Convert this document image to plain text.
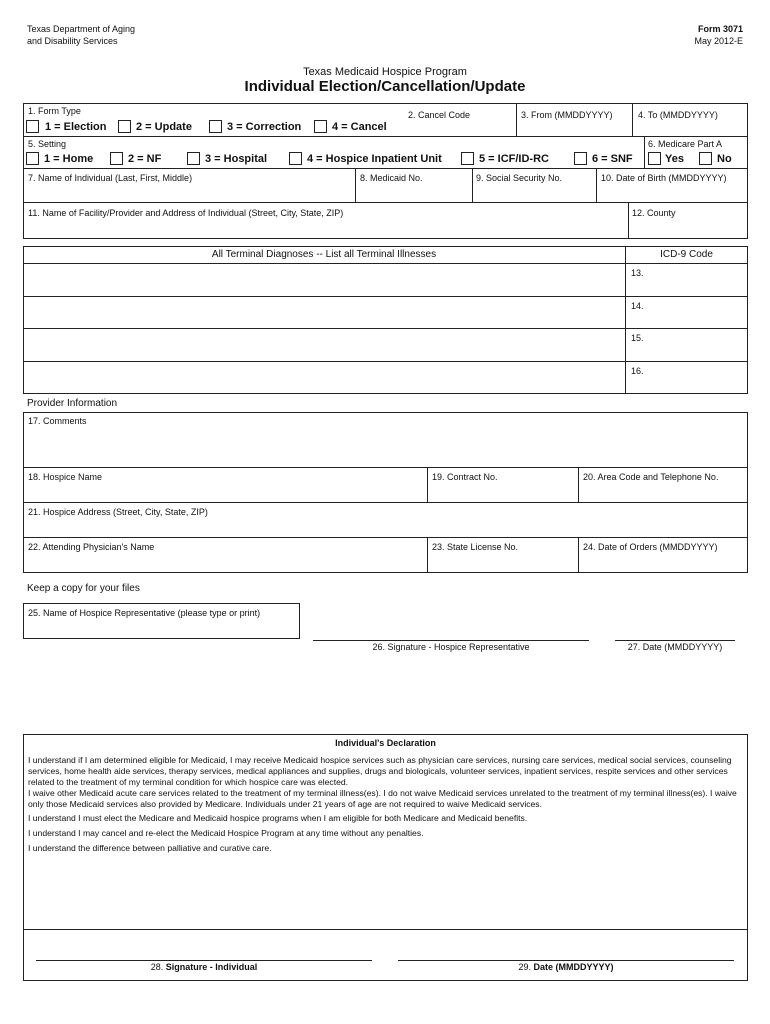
Texas Department of Aging
and Disability Services
Form 3071
May 2012-E
Texas Medicaid Hospice Program
Individual Election/Cancellation/Update
1. Form Type
1 = Election	2 = Update	3 = Correction	4 = Cancel
2. Cancel Code	3. From (MMDDYYYY)	4. To (MMDDYYYY)
5. Setting
1 = Home	2 = NF	3 = Hospital	4 = Hospice Inpatient Unit	5 = ICF/ID-RC	6 = SNF
6. Medicare Part A
Yes	No
7. Name of Individual (Last, First, Middle)	8. Medicaid No.	9. Social Security No.	10. Date of Birth (MMDDYYYY)
11. Name of Facility/Provider and Address of Individual (Street, City, State, ZIP)	12. County
All Terminal Diagnoses -- List all Terminal Illnesses	ICD-9 Code
13.
14.
15.
16.
Provider Information
17. Comments
18. Hospice Name	19. Contract No.	20. Area Code and Telephone No.
21. Hospice Address (Street, City, State, ZIP)
22. Attending Physician's Name	23. State License No.	24. Date of Orders (MMDDYYYY)
Keep a copy for your files
25. Name of Hospice Representative (please type or print)
26. Signature - Hospice Representative	27. Date (MMDDYYYY)
Individual's Declaration

I understand if I am determined eligible for Medicaid, I may receive Medicaid hospice services such as physician care services, nursing care services, medical social services, counseling services, home health aide services, therapy services, medical appliances and supplies, drugs and biologicals, volunteer services, inpatient services, respite services and other services related to the treatment of my terminal condition for which hospice care was elected.

I waive other Medicaid acute care services related to the treatment of my terminal illness(es). I do not waive Medicaid services unrelated to the treatment of my terminal illness(es). I waive only those Medicaid services also provided by Medicare. Individuals under 21 years of age are not required to waive Medicaid services.

I understand I must elect the Medicare and Medicaid hospice programs when I am eligible for both Medicare and Medicaid benefits.

I understand I may cancel and re-elect the Medicaid Hospice Program at any time without any penalties.

I understand the difference between palliative and curative care.

28. Signature - Individual	29. Date (MMDDYYYY)
